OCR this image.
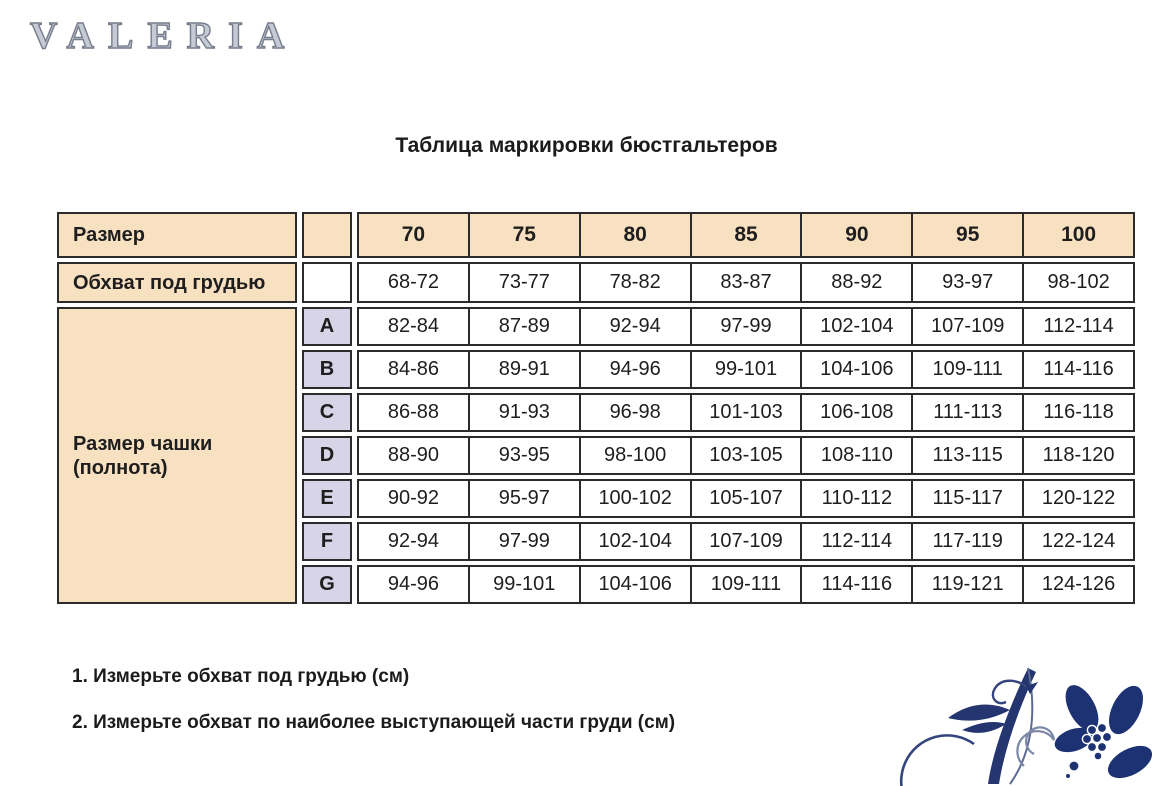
VALERIA
Таблица маркировки бюстгальтеров
Размер	70	75	80	85	90	95	100
Обхват под грудью	68-72	73-77	78-82	83-87	88-92	93-97	98-102
Размер чашки (полнота)
A
B
C
D
E
F
G
82-84	87-89	92-94	97-99	102-104	107-109	112-114
84-86	89-91	94-96	99-101	104-106	109-111	114-116
86-88	91-93	96-98	101-103	106-108	111-113	116-118
88-90	93-95	98-100	103-105	108-110	113-115	118-120
90-92	95-97	100-102	105-107	110-112	115-117	120-122
92-94	97-99	102-104	107-109	112-114	117-119	122-124
94-96	99-101	104-106	109-111	114-116	119-121	124-126
1. Измерьте обхват под грудью (см)
2. Измерьте обхват по наиболее выступающей части груди (см)
